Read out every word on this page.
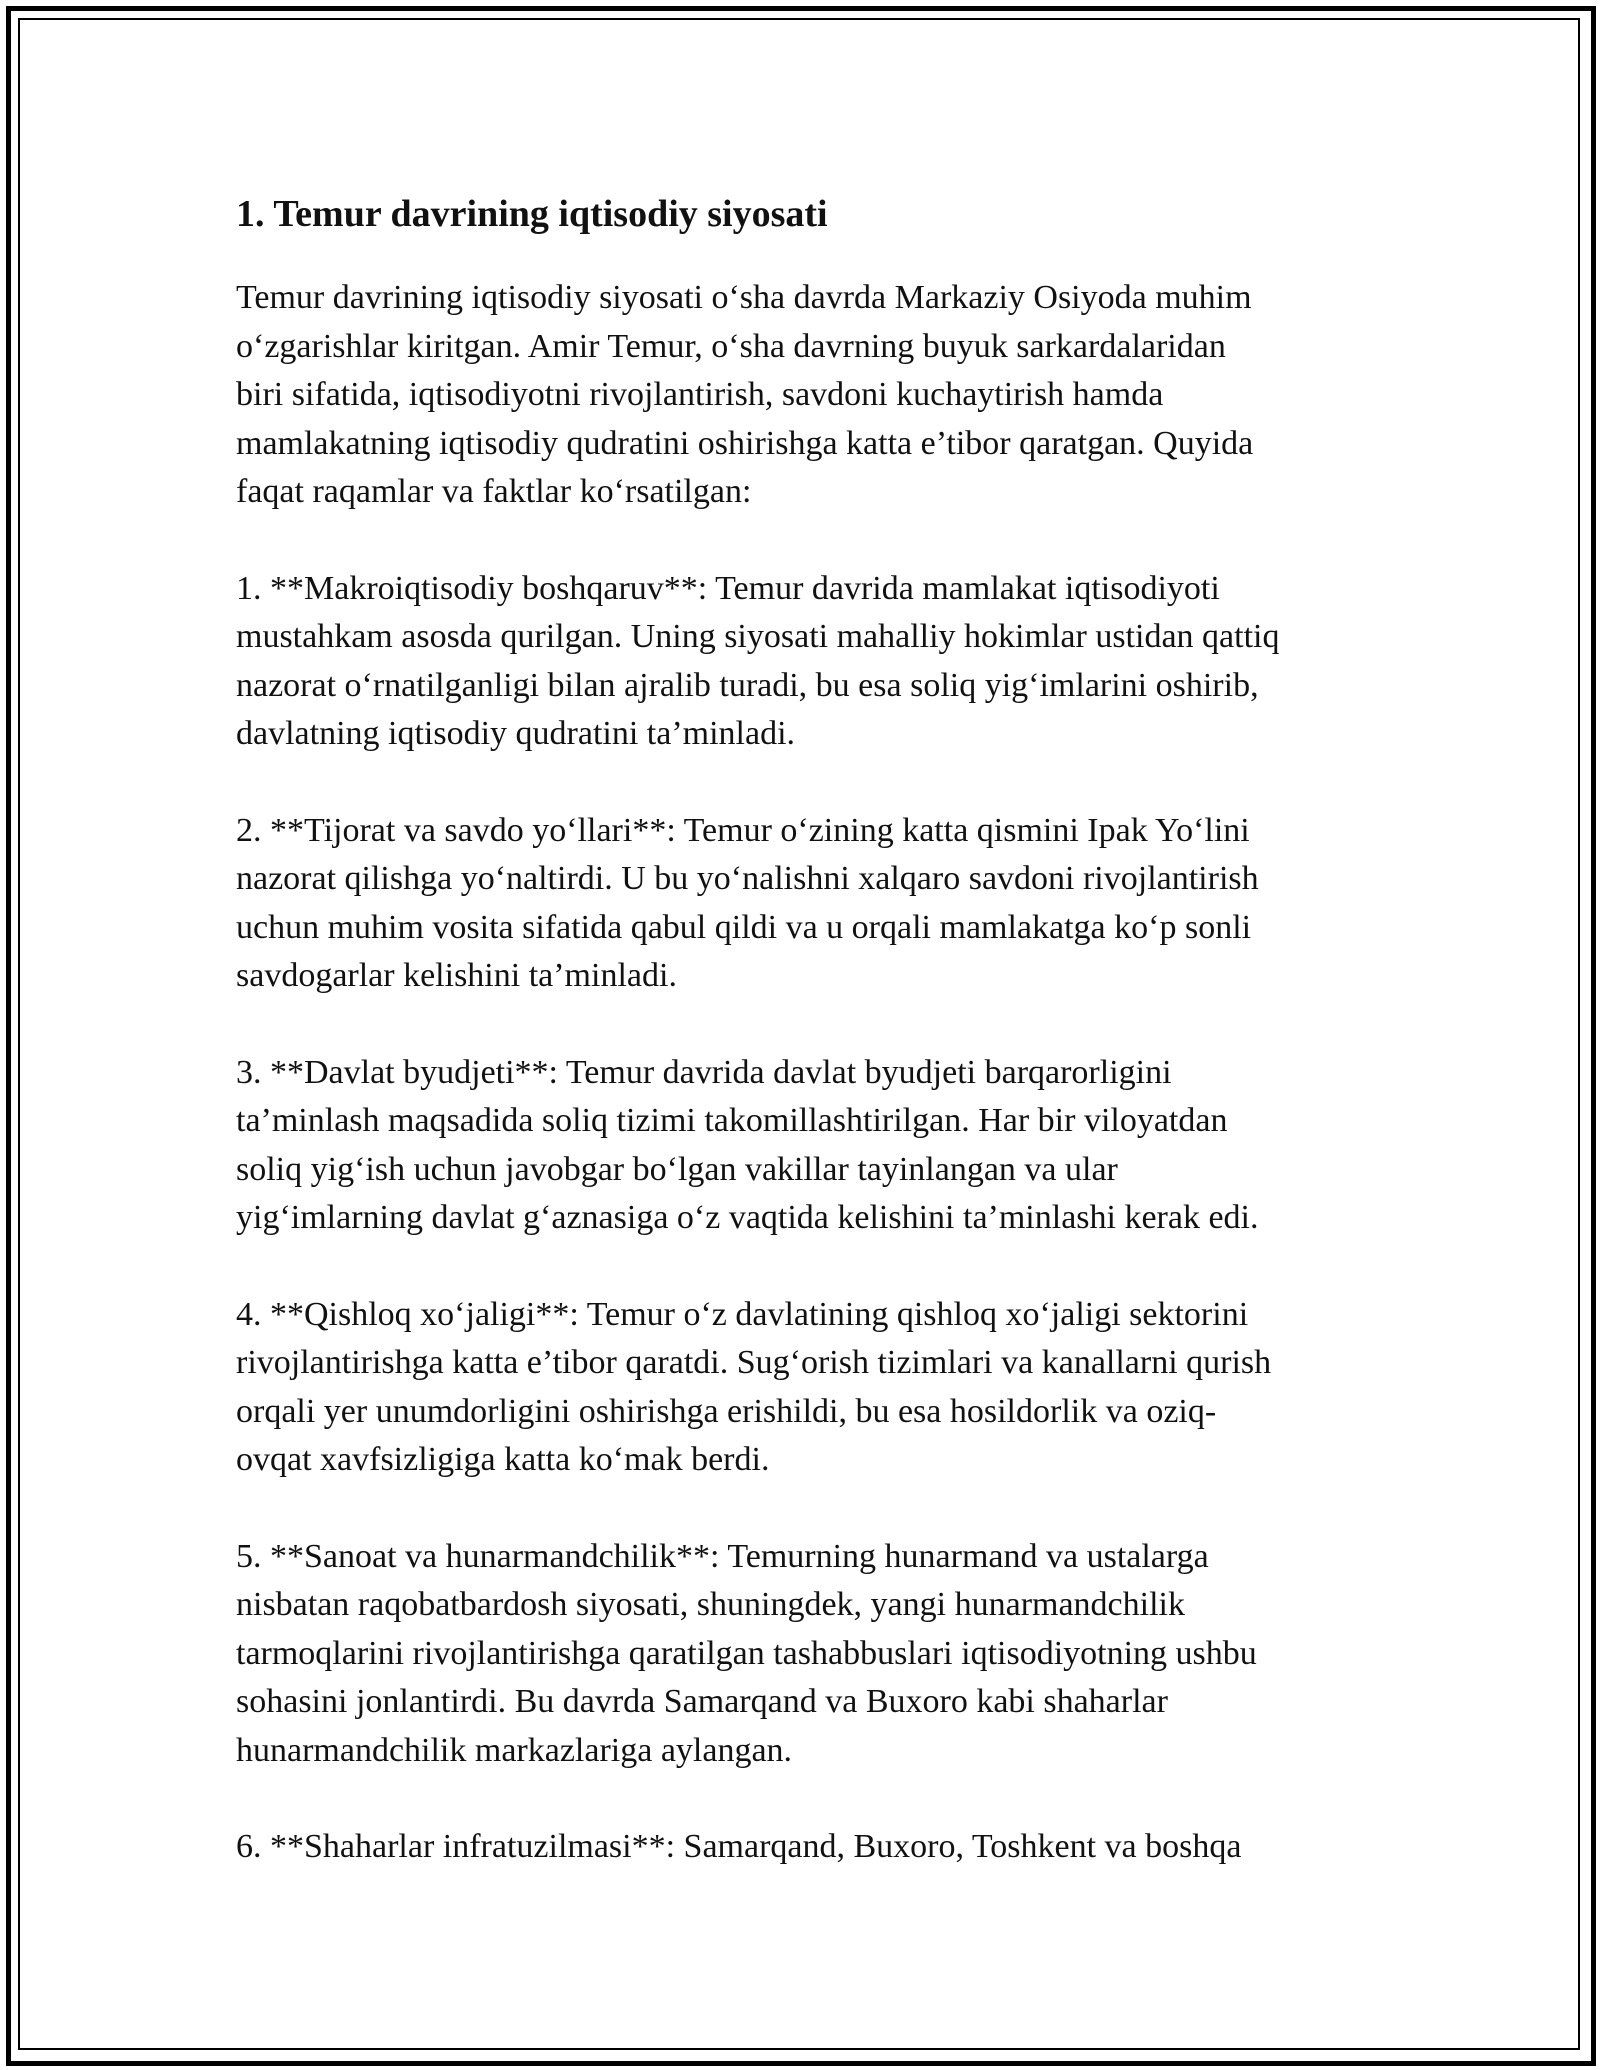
1. Temur davrining iqtisodiy siyosati

Temur davrining iqtisodiy siyosati o‘sha davrda Markaziy Osiyoda muhim
o‘zgarishlar kiritgan. Amir Temur, o‘sha davrning buyuk sarkardalaridan
biri sifatida, iqtisodiyotni rivojlantirish, savdoni kuchaytirish hamda
mamlakatning iqtisodiy qudratini oshirishga katta e’tibor qaratgan. Quyida
faqat raqamlar va faktlar ko‘rsatilgan:

1. **Makroiqtisodiy boshqaruv**: Temur davrida mamlakat iqtisodiyoti
mustahkam asosda qurilgan. Uning siyosati mahalliy hokimlar ustidan qattiq
nazorat o‘rnatilganligi bilan ajralib turadi, bu esa soliq yig‘imlarini oshirib,
davlatning iqtisodiy qudratini ta’minladi.

2. **Tijorat va savdo yo‘llari**: Temur o‘zining katta qismini Ipak Yo‘lini
nazorat qilishga yo‘naltirdi. U bu yo‘nalishni xalqaro savdoni rivojlantirish
uchun muhim vosita sifatida qabul qildi va u orqali mamlakatga ko‘p sonli
savdogarlar kelishini ta’minladi.

3. **Davlat byudjeti**: Temur davrida davlat byudjeti barqarorligini
ta’minlash maqsadida soliq tizimi takomillashtirilgan. Har bir viloyatdan
soliq yig‘ish uchun javobgar bo‘lgan vakillar tayinlangan va ular
yig‘imlarning davlat g‘aznasiga o‘z vaqtida kelishini ta’minlashi kerak edi.

4. **Qishloq xo‘jaligi**: Temur o‘z davlatining qishloq xo‘jaligi sektorini
rivojlantirishga katta e’tibor qaratdi. Sug‘orish tizimlari va kanallarni qurish
orqali yer unumdorligini oshirishga erishildi, bu esa hosildorlik va oziq-
ovqat xavfsizligiga katta ko‘mak berdi.

5. **Sanoat va hunarmandchilik**: Temurning hunarmand va ustalarga
nisbatan raqobatbardosh siyosati, shuningdek, yangi hunarmandchilik
tarmoqlarini rivojlantirishga qaratilgan tashabbuslari iqtisodiyotning ushbu
sohasini jonlantirdi. Bu davrda Samarqand va Buxoro kabi shaharlar
hunarmandchilik markazlariga aylangan.

6. **Shaharlar infratuzilmasi**: Samarqand, Buxoro, Toshkent va boshqa
